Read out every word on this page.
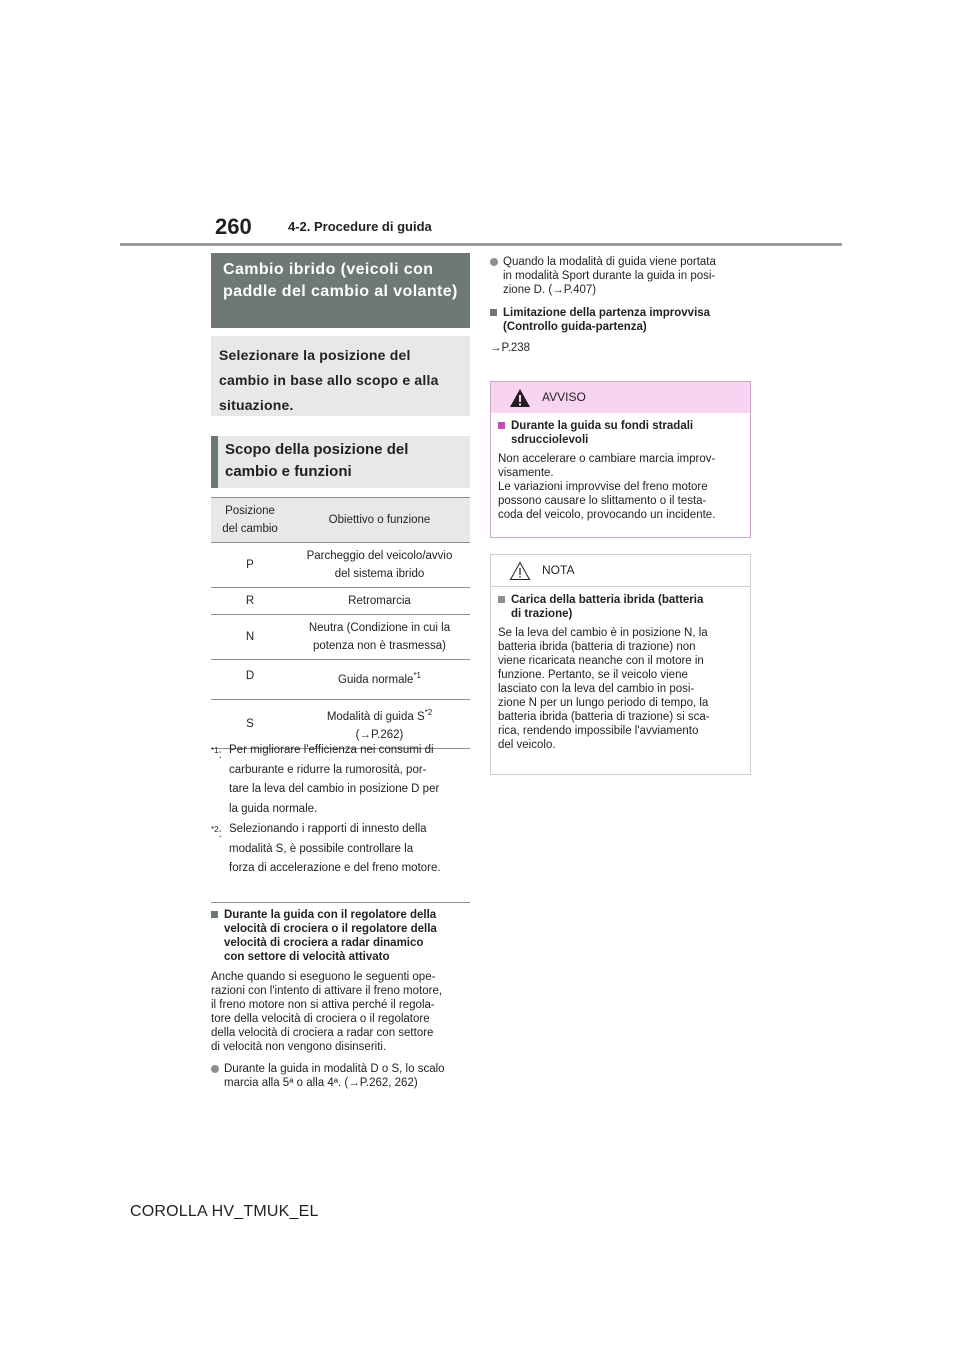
260	4-2. Procedure di guida
Cambio ibrido (veicoli con paddle del cambio al volante)
Selezionare la posizione del cambio in base allo scopo e alla situazione.
Scopo della posizione del cambio e funzioni
Posizione
del cambio	Obiettivo o funzione
P	Parcheggio del veicolo/avvio
del sistema ibrido

R	Retromarcia
N	Neutra (Condizione in cui la
potenza non è trasmessa)

D	Guida normale$^{*1}$
S	Modalità di guida $S^{*2}$
(→P.262)
$^{*1}$: Per migliorare l'efficienza nei consumi di
carburante e ridurre la rumorosità, por-
tare la leva del cambio in posizione D per
la guida normale.
$^{*2}$: Selezionando i rapporti di innesto della
modalità S, è possibile controllare la
forza di accelerazione e del freno motore.
Durante la guida con il regolatore della
velocità di crociera o il regolatore della
velocità di crociera a radar dinamico
con settore di velocità attivato
Anche quando si eseguono le seguenti ope-
razioni con l'intento di attivare il freno motore,
il freno motore non si attiva perché il regola-
tore della velocità di crociera o il regolatore
della velocità di crociera a radar con settore
di velocità non vengono disinseriti.
Durante la guida in modalità D o S, lo scalo
marcia alla 5ª o alla 4ª. (→P.262, 262)
Quando la modalità di guida viene portata
in modalità Sport durante la guida in posi-
zione D. (→P.407)
Limitazione della partenza improvvisa
(Controllo guida-partenza)
→P.238
AVVISO
Durante la guida su fondi stradali
sdrucciolevoli
Non accelerare o cambiare marcia improv-
visamente.
Le variazioni improvvise del freno motore
possono causare lo slittamento o il testa-
coda del veicolo, provocando un incidente.
NOTA
Carica della batteria ibrida (batteria
di trazione)
Se la leva del cambio è in posizione N, la
batteria ibrida (batteria di trazione) non
viene ricaricata neanche con il motore in
funzione. Pertanto, se il veicolo viene
lasciato con la leva del cambio in posi-
zione N per un lungo periodo di tempo, la
batteria ibrida (batteria di trazione) si sca-
rica, rendendo impossibile l'avviamento
del veicolo.
COROLLA HV_TMUK_EL
